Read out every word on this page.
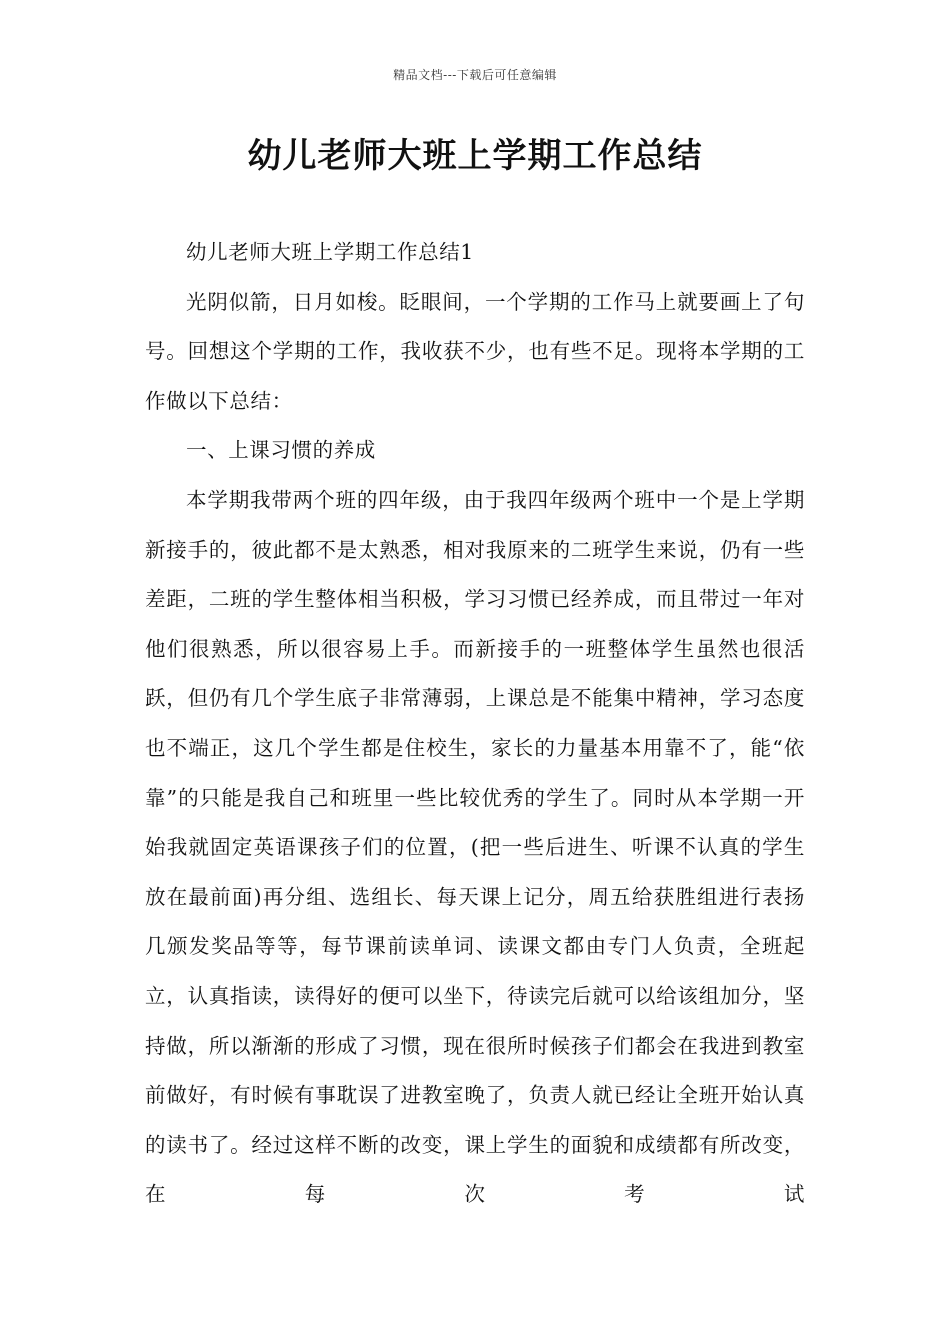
精品文档---下载后可任意编辑
幼儿老师大班上学期工作总结

幼儿老师大班上学期工作总结1

光阴似箭，日月如梭。眨眼间，一个学期的工作马上就要画上了句号。回想这个学期的工作，我收获不少，也有些不足。现将本学期的工作做以下总结：

一、上课习惯的养成

本学期我带两个班的四年级，由于我四年级两个班中一个是上学期新接手的，彼此都不是太熟悉，相对我原来的二班学生来说，仍有一些差距，二班的学生整体相当积极，学习习惯已经养成，而且带过一年对他们很熟悉，所以很容易上手。而新接手的一班整体学生虽然也很活跃，但仍有几个学生底子非常薄弱，上课总是不能集中精神，学习态度也不端正，这几个学生都是住校生，家长的力量基本用靠不了，能“依靠”的只能是我自己和班里一些比较优秀的学生了。同时从本学期一开始我就固定英语课孩子们的位置，(把一些后进生、听课不认真的学生放在最前面)再分组、选组长、每天课上记分，周五给获胜组进行表扬几颁发奖品等等，每节课前读单词、读课文都由专门人负责，全班起立，认真指读，读得好的便可以坐下，待读完后就可以给该组加分，坚持做，所以渐渐的形成了习惯，现在很所时候孩子们都会在我进到教室前做好，有时候有事耽误了进教室晚了，负责人就已经让全班开始认真的读书了。经过这样不断的改变，课上学生的面貌和成绩都有所改变，在每次考试
